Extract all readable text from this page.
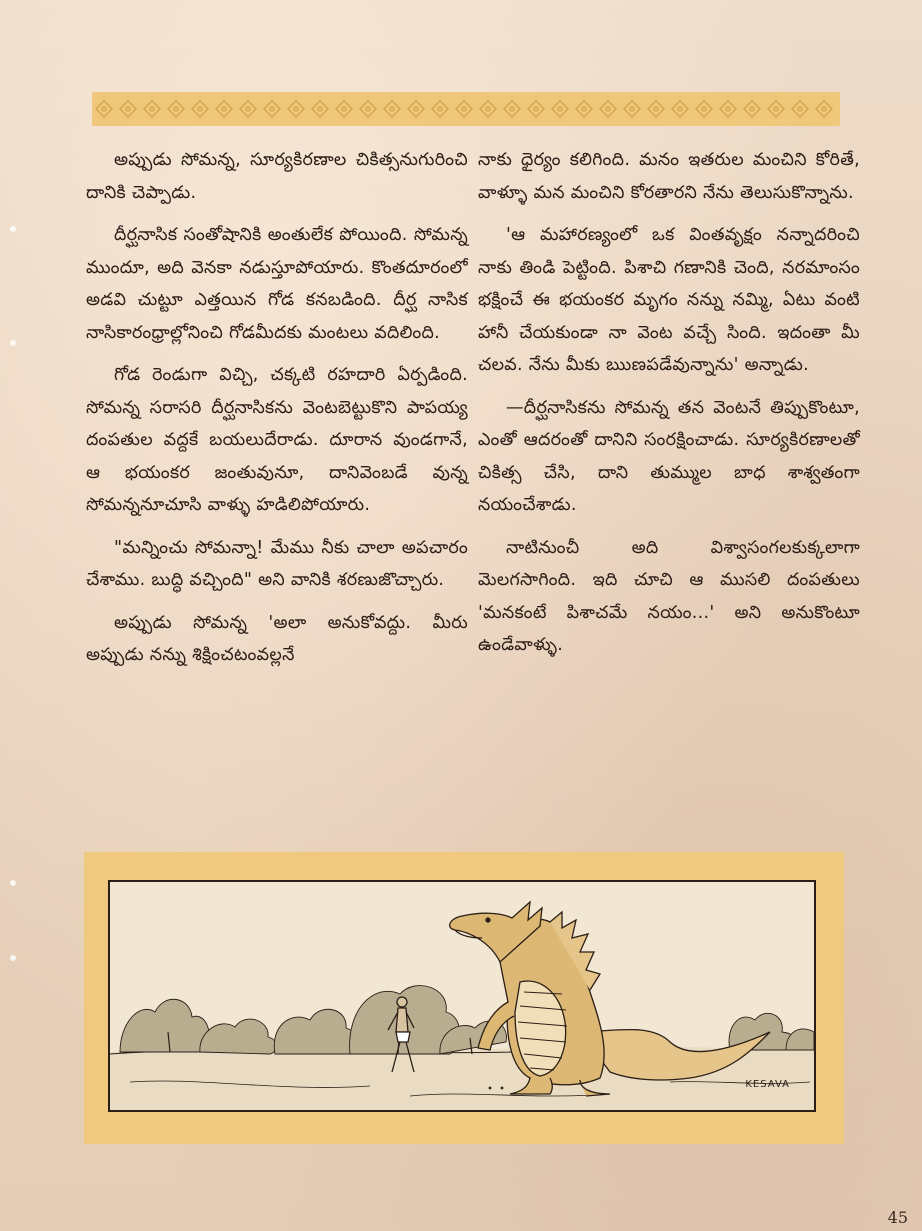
అప్పుడు సోమన్న, సూర్యకిరణాల చికిత్సనుగురించి దానికి చెప్పాడు.

దీర్ఘనాసిక సంతోషానికి అంతులేక పోయింది. సోమన్న ముందూ, అది వెనకా నడుస్తూపోయారు. కొంతదూరంలో అడవి చుట్టూ ఎత్తయిన గోడ కనబడింది. దీర్ఘ నాసిక నాసికారంధ్రాల్లోనించి గోడమీదకు మంటలు వదిలింది.

గోడ రెండుగా విచ్చి, చక్కటి రహదారి ఏర్పడింది. సోమన్న సరాసరి దీర్ఘనాసికను వెంటబెట్టుకొని పాపయ్య దంపతుల వద్దకే బయలుదేరాడు. దూరాన వుండగానే, ఆ భయంకర జంతువునూ, దానివెంబడే వున్న సోమన్ననూచూసి వాళ్ళు హడిలిపోయారు.

"మన్నించు సోమన్నా! మేము నీకు చాలా అపచారం చేశాము. బుద్ధి వచ్చింది" అని వానికి శరణుజొచ్చారు.

అప్పుడు సోమన్న 'అలా అనుకోవద్దు. మీరు అప్పుడు నన్ను శిక్షించటంవల్లనే

నాకు ధైర్యం కలిగింది. మనం ఇతరుల మంచిని కోరితే, వాళ్ళూ మన మంచిని కోరతారని నేను తెలుసుకొన్నాను.

'ఆ మహారణ్యంలో ఒక వింతవృక్షం నన్నాదరించి నాకు తిండి పెట్టింది. పిశాచి గణానికి చెంది, నరమాంసం భక్షించే ఈ భయంకర మృగం నన్ను నమ్మి, ఏటు వంటి హానీ చేయకుండా నా వెంట వచ్చే సింది. ఇదంతా మీ చలవ. నేను మీకు ఋణపడేవున్నాను' అన్నాడు.

—దీర్ఘనాసికను సోమన్న తన వెంటనే తిప్పుకొంటూ, ఎంతో ఆదరంతో దానిని సంరక్షించాడు. సూర్యకిరణాలతో చికిత్స చేసి, దాని తుమ్ముల బాధ శాశ్వతంగా నయంచేశాడు.

నాటినుంచీ అది విశ్వాసంగలకుక్కలాగా మెలగసాగింది. ఇది చూచి ఆ ముసలి దంపతులు 'మనకంటే పిశాచమే నయం...' అని అనుకొంటూ ఉండేవాళ్ళు.

KESAVA
45
